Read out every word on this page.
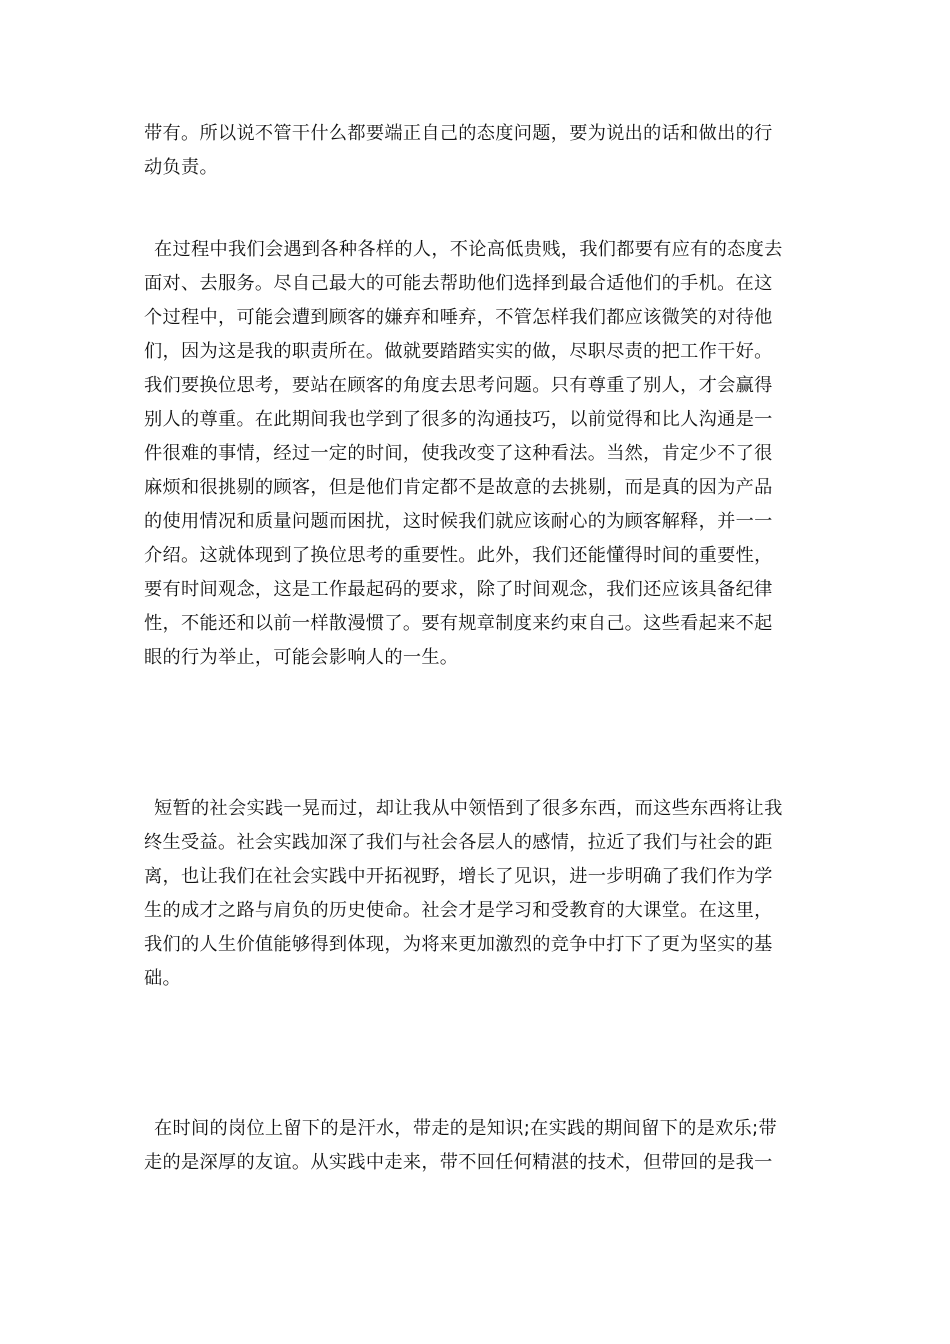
带有。所以说不管干什么都要端正自己的态度问题，要为说出的话和做出的行
动负责。

在过程中我们会遇到各种各样的人，不论高低贵贱，我们都要有应有的态度去
面对、去服务。尽自己最大的可能去帮助他们选择到最合适他们的手机。在这
个过程中，可能会遭到顾客的嫌弃和唾弃，不管怎样我们都应该微笑的对待他
们，因为这是我的职责所在。做就要踏踏实实的做，尽职尽责的把工作干好。
我们要换位思考，要站在顾客的角度去思考问题。只有尊重了别人，才会赢得
别人的尊重。在此期间我也学到了很多的沟通技巧，以前觉得和比人沟通是一
件很难的事情，经过一定的时间，使我改变了这种看法。当然，肯定少不了很
麻烦和很挑剔的顾客，但是他们肯定都不是故意的去挑剔，而是真的因为产品
的使用情况和质量问题而困扰，这时候我们就应该耐心的为顾客解释，并一一
介绍。这就体现到了换位思考的重要性。此外，我们还能懂得时间的重要性，
要有时间观念，这是工作最起码的要求，除了时间观念，我们还应该具备纪律
性，不能还和以前一样散漫惯了。要有规章制度来约束自己。这些看起来不起
眼的行为举止，可能会影响人的一生。

短暂的社会实践一晃而过，却让我从中领悟到了很多东西，而这些东西将让我
终生受益。社会实践加深了我们与社会各层人的感情，拉近了我们与社会的距
离，也让我们在社会实践中开拓视野，增长了见识，进一步明确了我们作为学
生的成才之路与肩负的历史使命。社会才是学习和受教育的大课堂。在这里，
我们的人生价值能够得到体现，为将来更加激烈的竞争中打下了更为坚实的基
础。

在时间的岗位上留下的是汗水，带走的是知识;在实践的期间留下的是欢乐;带
走的是深厚的友谊。从实践中走来，带不回任何精湛的技术，但带回的是我一
